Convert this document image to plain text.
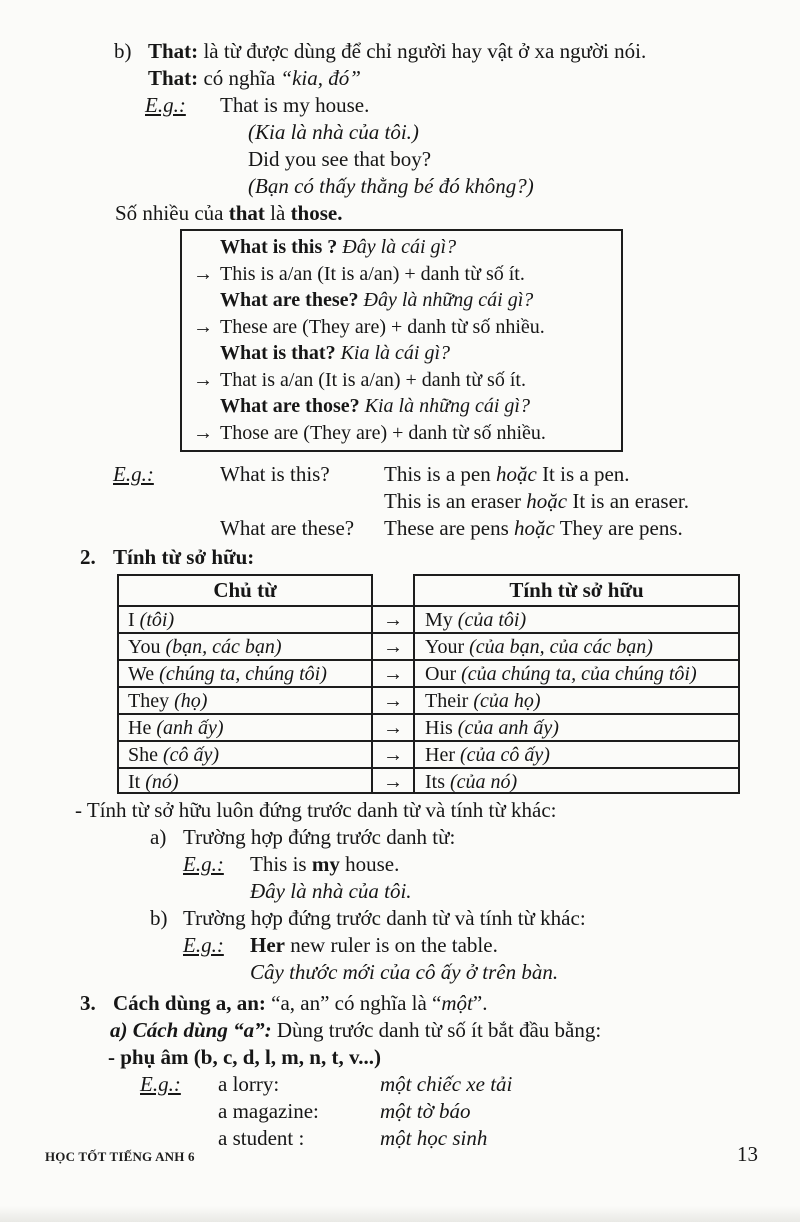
b) That: là từ được dùng để chỉ người hay vật ở xa người nói.
That: có nghĩa “kia, đó”
E.g.: That is my house.
(Kia là nhà của tôi.)
Did you see that boy?
(Bạn có thấy thằng bé đó không?)
Số nhiều của that là those.
What is this ? Đây là cái gì?
→ This is a/an (It is a/an) + danh từ số ít.
What are these? Đây là những cái gì?
→ These are (They are) + danh từ số nhiều.
What is that? Kia là cái gì?
→ That is a/an (It is a/an) + danh từ số ít.
What are those? Kia là những cái gì?
→ Those are (They are) + danh từ số nhiều.
E.g.:	What is this?	This is a pen hoặc It is a pen.
This is an eraser hoặc It is an eraser.
What are these? These are pens hoặc They are pens.
2. Tính từ sở hữu:
Chủ từ	Tính từ sở hữu
I (tôi)	→	My (của tôi)
You (bạn, các bạn)	→	Your (của bạn, của các bạn)
We (chúng ta, chúng tôi)	→	Our (của chúng ta, của chúng tôi)
They (họ)	→	Their (của họ)
He (anh ấy)	→	His (của anh ấy)
She (cô ấy)	→	Her (của cô ấy)
It (nó)	→	Its (của nó)
- Tính từ sở hữu luôn đứng trước danh từ và tính từ khác:
a) Trường hợp đứng trước danh từ:
E.g.: This is my house.
Đây là nhà của tôi.
b) Trường hợp đứng trước danh từ và tính từ khác:
E.g.: Her new ruler is on the table.
Cây thước mới của cô ấy ở trên bàn.
3. Cách dùng a, an: “a, an” có nghĩa là “một”.
a) Cách dùng “a”: Dùng trước danh từ số ít bắt đầu bằng:
- phụ âm (b, c, d, l, m, n, t, v...)
E.g.: a lorry:	một chiếc xe tải
a magazine:	một tờ báo
a student :	một học sinh
HỌC TỐT TIẾNG ANH 6	13
